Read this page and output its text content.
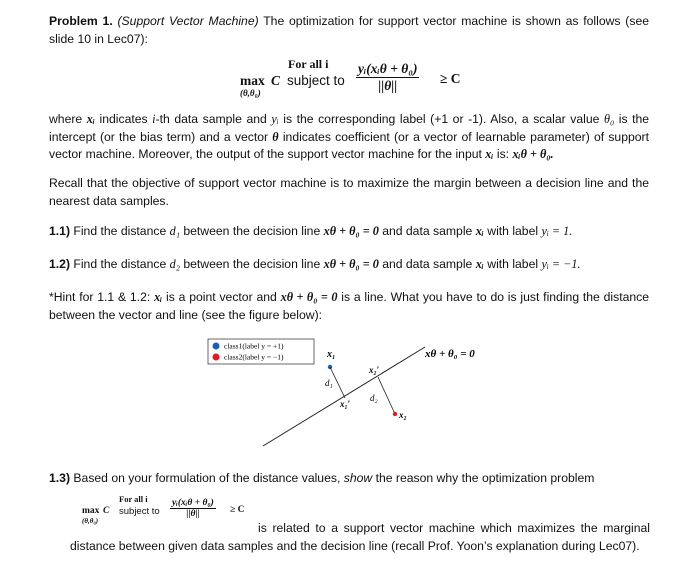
Problem 1. (Support Vector Machine) The optimization for support vector machine is shown as follows (see slide 10 in Lec07):

For all i
max C
(θ,θ₀)
subject to
yᵢ(xᵢθ + θ₀)
||θ||	≥ C

where xᵢ indicates i-th data sample and yᵢ is the corresponding label (+1 or -1). Also, a scalar value θ₀ is the intercept (or the bias term) and a vector θ indicates coefficient (or a vector of learnable parameter) of support vector machine. Moreover, the output of the support vector machine for the input xᵢ is: xᵢθ + θ₀.

Recall that the objective of support vector machine is to maximize the margin between a decision line and the nearest data samples.

1.1) Find the distance d₁ between the decision line xθ + θ₀ = 0 and data sample xᵢ with label yᵢ = 1.

1.2) Find the distance d₂ between the decision line xθ + θ₀ = 0 and data sample xᵢ with label yᵢ = −1.

*Hint for 1.1 & 1.2: xᵢ is a point vector and xθ + θ₀ = 0 is a line. What you have to do is just finding the distance between the vector and line (see the figure below):

class1(label y = +1)
class2(label y = −1)	xθ + θ₀ = 0
x₁
d₁
x₁′
x₂′
d₂
x₂

1.3) Based on your formulation of the distance values, show the reason why the optimization problem

For all i
max C
(θ,θ₀)
subject to
yᵢ(xᵢθ + θ₀)
||θ||	≥ C

is related to a support vector machine which maximizes the marginal distance between given data samples and the decision line (recall Prof. Yoon’s explanation during Lec07).
